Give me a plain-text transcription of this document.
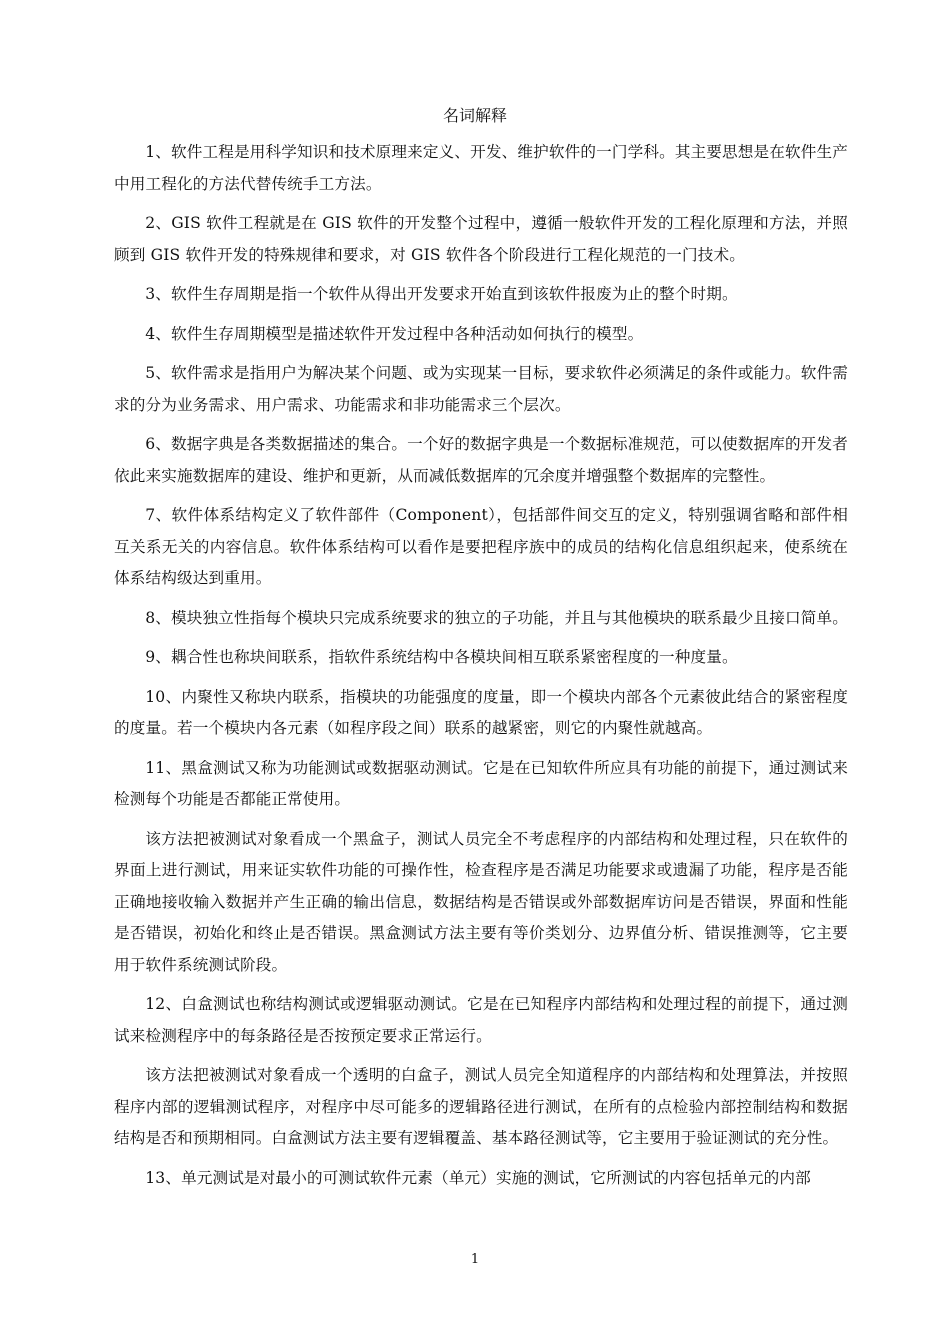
名词解释

1、软件工程是用科学知识和技术原理来定义、开发、维护软件的一门学科。其主要思想是在软件生产中用工程化的方法代替传统手工方法。

2、GIS 软件工程就是在 GIS 软件的开发整个过程中，遵循一般软件开发的工程化原理和方法，并照顾到 GIS 软件开发的特殊规律和要求，对 GIS 软件各个阶段进行工程化规范的一门技术。

3、软件生存周期是指一个软件从得出开发要求开始直到该软件报废为止的整个时期。

4、软件生存周期模型是描述软件开发过程中各种活动如何执行的模型。

5、软件需求是指用户为解决某个问题、或为实现某一目标，要求软件必须满足的条件或能力。软件需求的分为业务需求、用户需求、功能需求和非功能需求三个层次。

6、数据字典是各类数据描述的集合。一个好的数据字典是一个数据标准规范，可以使数据库的开发者依此来实施数据库的建设、维护和更新，从而减低数据库的冗余度并增强整个数据库的完整性。

7、软件体系结构定义了软件部件（Component），包括部件间交互的定义，特别强调省略和部件相互关系无关的内容信息。软件体系结构可以看作是要把程序族中的成员的结构化信息组织起来，使系统在体系结构级达到重用。

8、模块独立性指每个模块只完成系统要求的独立的子功能，并且与其他模块的联系最少且接口简单。

9、耦合性也称块间联系，指软件系统结构中各模块间相互联系紧密程度的一种度量。

10、内聚性又称块内联系，指模块的功能强度的度量，即一个模块内部各个元素彼此结合的紧密程度的度量。若一个模块内各元素（如程序段之间）联系的越紧密，则它的内聚性就越高。

11、黑盒测试又称为功能测试或数据驱动测试。它是在已知软件所应具有功能的前提下，通过测试来检测每个功能是否都能正常使用。

该方法把被测试对象看成一个黑盒子，测试人员完全不考虑程序的内部结构和处理过程，只在软件的界面上进行测试，用来证实软件功能的可操作性，检查程序是否满足功能要求或遗漏了功能，程序是否能正确地接收输入数据并产生正确的输出信息，数据结构是否错误或外部数据库访问是否错误，界面和性能是否错误，初始化和终止是否错误。黑盒测试方法主要有等价类划分、边界值分析、错误推测等，它主要用于软件系统测试阶段。

12、白盒测试也称结构测试或逻辑驱动测试。它是在已知程序内部结构和处理过程的前提下，通过测试来检测程序中的每条路径是否按预定要求正常运行。

该方法把被测试对象看成一个透明的白盒子，测试人员完全知道程序的内部结构和处理算法，并按照程序内部的逻辑测试程序，对程序中尽可能多的逻辑路径进行测试，在所有的点检验内部控制结构和数据结构是否和预期相同。白盒测试方法主要有逻辑覆盖、基本路径测试等，它主要用于验证测试的充分性。

13、单元测试是对最小的可测试软件元素（单元）实施的测试，它所测试的内容包括单元的内部

1
